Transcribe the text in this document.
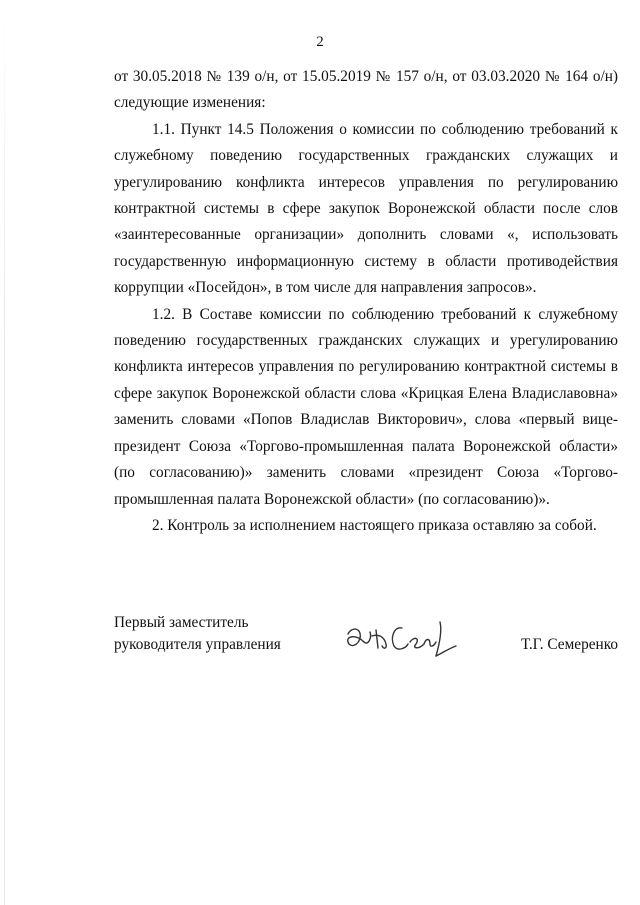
2

от 30.05.2018 № 139 о/н, от 15.05.2019 № 157 о/н, от 03.03.2020 № 164 о/н) следующие изменения:

1.1. Пункт 14.5 Положения о комиссии по соблюдению требований к служебному поведению государственных гражданских служащих и урегулированию конфликта интересов управления по регулированию контрактной системы в сфере закупок Воронежской области после слов «заинтересованные организации» дополнить словами «, использовать государственную информационную систему в области противодействия коррупции «Посейдон», в том числе для направления запросов».

1.2. В Составе комиссии по соблюдению требований к служебному поведению государственных гражданских служащих и урегулированию конфликта интересов управления по регулированию контрактной системы в сфере закупок Воронежской области слова «Крицкая Елена Владиславовна» заменить словами «Попов Владислав Викторович», слова «первый вице-президент Союза «Торгово-промышленная палата Воронежской области» (по согласованию)» заменить словами «президент Союза «Торгово-промышленная палата Воронежской области» (по согласованию)».

2. Контроль за исполнением настоящего приказа оставляю за собой.

Первый заместитель
руководителя управления	Т.Г. Семеренко
